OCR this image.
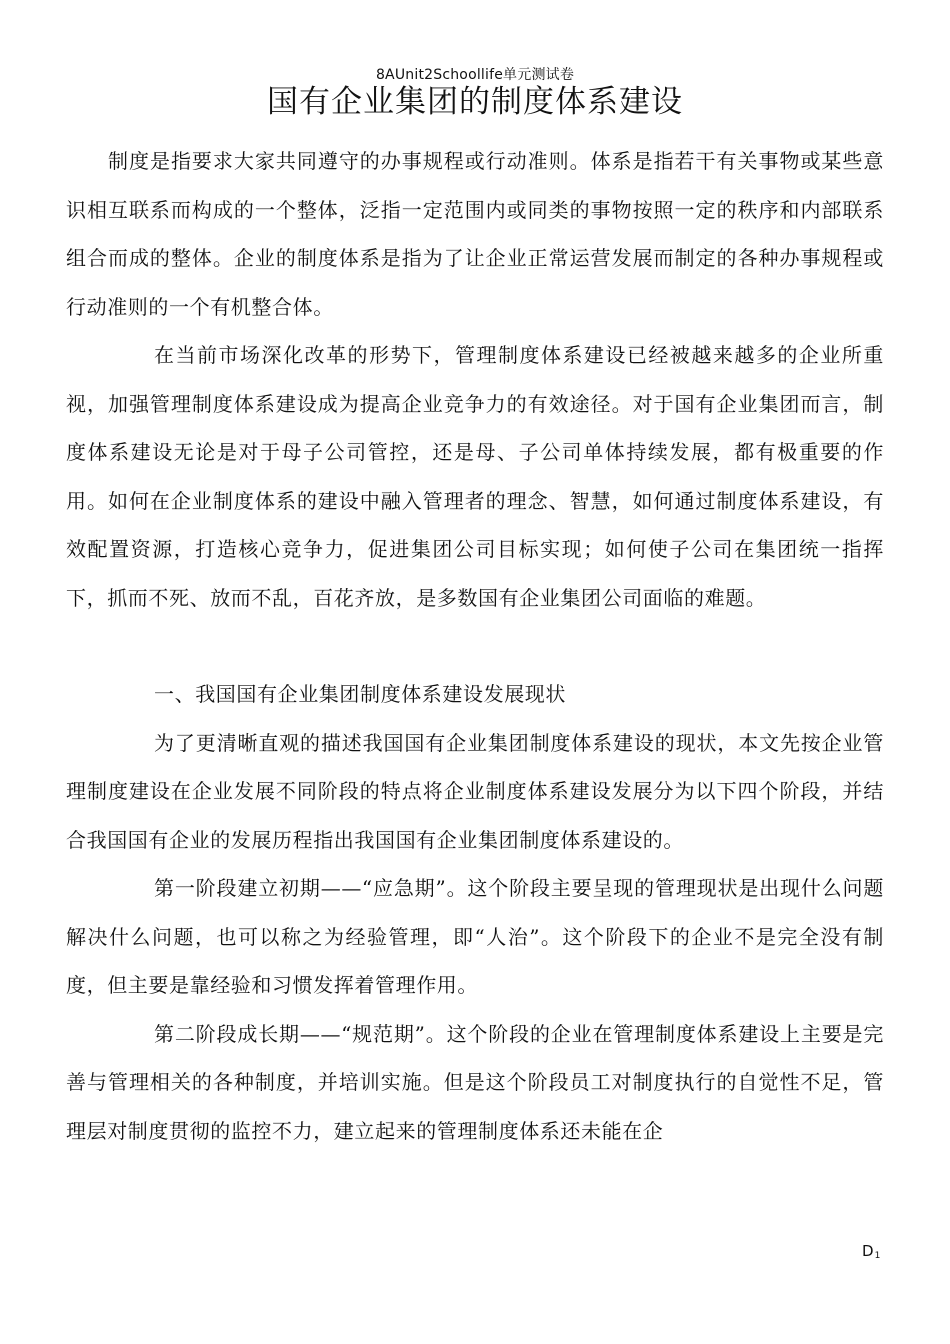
8AUnit2Schoollife单元测试卷
国有企业集团的制度体系建设

制度是指要求大家共同遵守的办事规程或行动准则。体系是指若干有关事物或某些意识相互联系而构成的一个整体，泛指一定范围内或同类的事物按照一定的秩序和内部联系组合而成的整体。企业的制度体系是指为了让企业正常运营发展而制定的各种办事规程或行动准则的一个有机整合体。

在当前市场深化改革的形势下，管理制度体系建设已经被越来越多的企业所重视，加强管理制度体系建设成为提高企业竞争力的有效途径。对于国有企业集团而言，制度体系建设无论是对于母子公司管控，还是母、子公司单体持续发展，都有极重要的作用。如何在企业制度体系的建设中融入管理者的理念、智慧，如何通过制度体系建设，有效配置资源，打造核心竞争力，促进集团公司目标实现；如何使子公司在集团统一指挥下，抓而不死、放而不乱，百花齐放，是多数国有企业集团公司面临的难题。

一、我国国有企业集团制度体系建设发展现状

为了更清晰直观的描述我国国有企业集团制度体系建设的现状，本文先按企业管理制度建设在企业发展不同阶段的特点将企业制度体系建设发展分为以下四个阶段，并结合我国国有企业的发展历程指出我国国有企业集团制度体系建设的。

第一阶段建立初期——“应急期”。这个阶段主要呈现的管理现状是出现什么问题解决什么问题，也可以称之为经验管理，即“人治”。这个阶段下的企业不是完全没有制度，但主要是靠经验和习惯发挥着管理作用。

第二阶段成长期——“规范期”。这个阶段的企业在管理制度体系建设上主要是完善与管理相关的各种制度，并培训实施。但是这个阶段员工对制度执行的自觉性不足，管理层对制度贯彻的监控不力，建立起来的管理制度体系还未能在企

$D_1$
